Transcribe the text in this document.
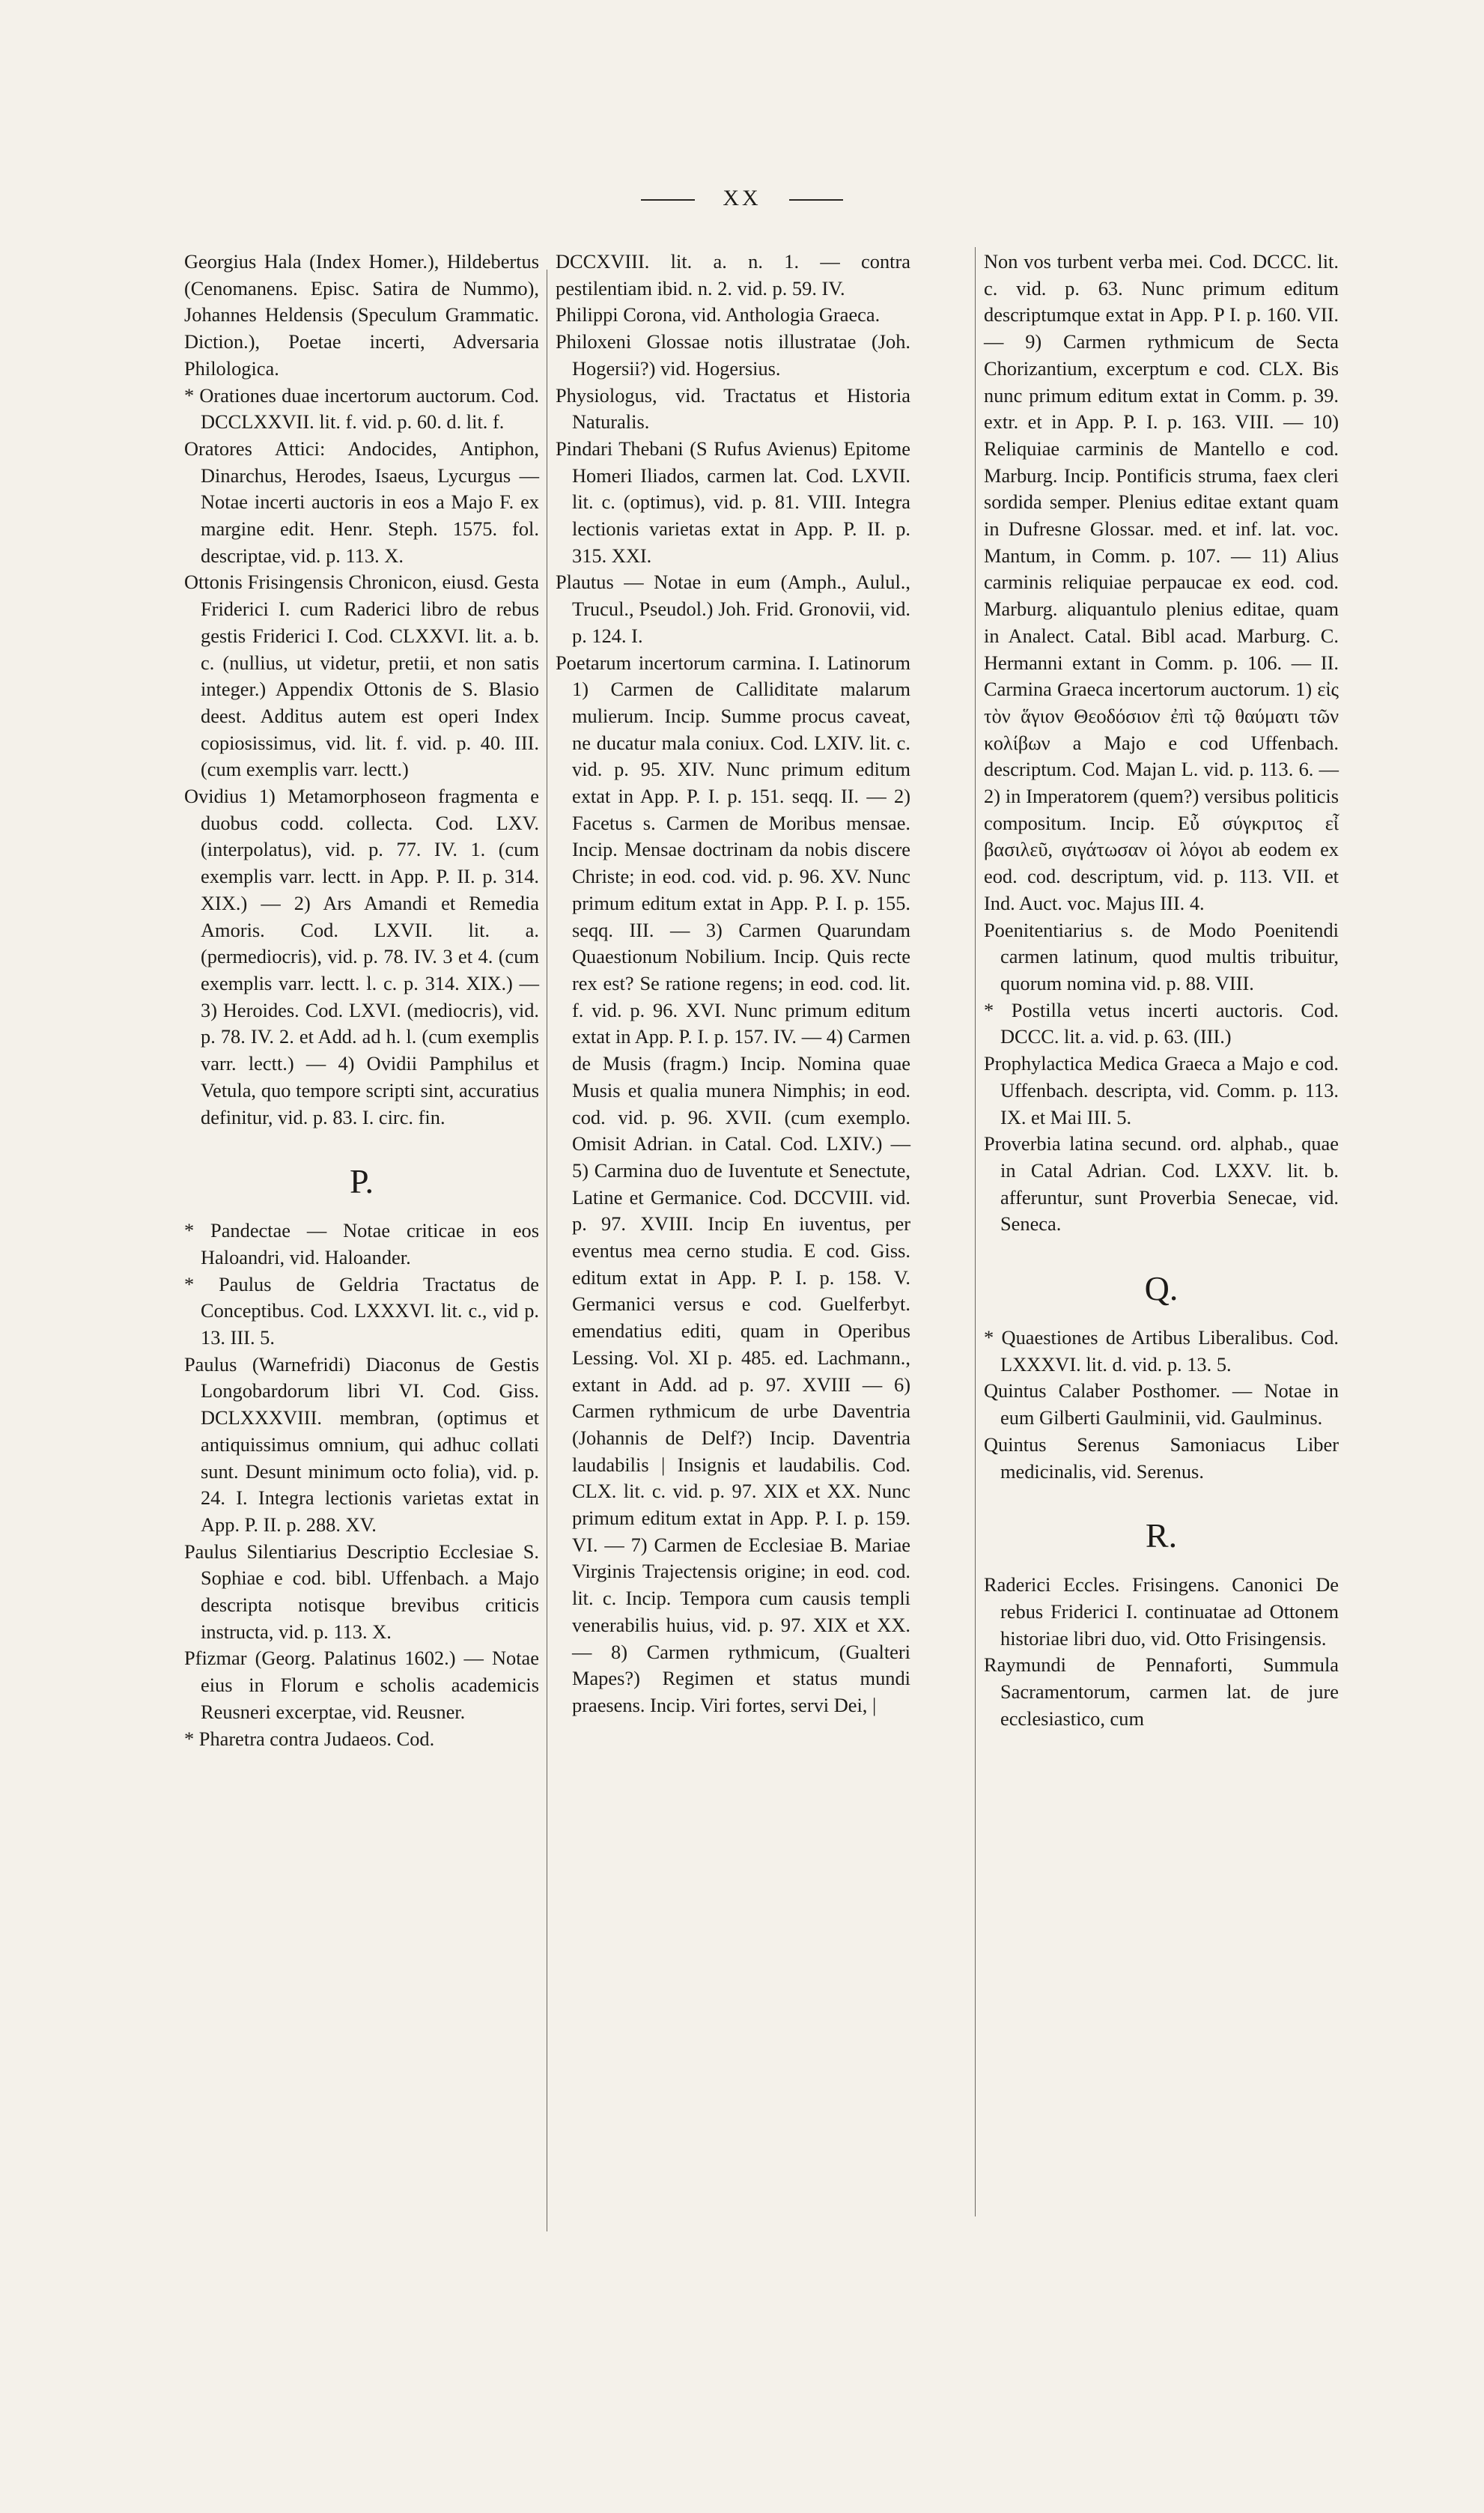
XX

Georgius Hala (Index Homer.), Hildebertus (Cenomanens. Episc. Satira de Nummo), Johannes Heldensis (Speculum Grammatic. Diction.), Poetae incerti, Adversaria Philologica.

* Orationes duae incertorum auctorum. Cod. DCCLXXVII. lit. f. vid. p. 60. d. lit. f.

Oratores Attici: Andocides, Antiphon, Dinarchus, Herodes, Isaeus, Lycurgus — Notae incerti auctoris in eos a Majo F. ex margine edit. Henr. Steph. 1575. fol. descriptae, vid. p. 113. X.

Ottonis Frisingensis Chronicon, eiusd. Gesta Friderici I. cum Raderici libro de rebus gestis Friderici I. Cod. CLXXVI. lit. a. b. c. (nullius, ut videtur, pretii, et non satis integer.) Appendix Ottonis de S. Blasio deest. Additus autem est operi Index copiosissimus, vid. lit. f. vid. p. 40. III. (cum exemplis varr. lectt.)

Ovidius 1) Metamorphoseon fragmenta e duobus codd. collecta. Cod. LXV. (interpolatus), vid. p. 77. IV. 1. (cum exemplis varr. lectt. in App. P. II. p. 314. XIX.) — 2) Ars Amandi et Remedia Amoris. Cod. LXVII. lit. a. (permediocris), vid. p. 78. IV. 3 et 4. (cum exemplis varr. lectt. l. c. p. 314. XIX.) — 3) Heroides. Cod. LXVI. (mediocris), vid. p. 78. IV. 2. et Add. ad h. l. (cum exemplis varr. lectt.) — 4) Ovidii Pamphilus et Vetula, quo tempore scripti sint, accuratius definitur, vid. p. 83. I. circ. fin.

P.

* Pandectae — Notae criticae in eos Haloandri, vid. Haloander.

* Paulus de Geldria Tractatus de Conceptibus. Cod. LXXXVI. lit. c., vid p. 13. III. 5.

Paulus (Warnefridi) Diaconus de Gestis Longobardorum libri VI. Cod. Giss. DCLXXXVIII. membran, (optimus et antiquissimus omnium, qui adhuc collati sunt. Desunt minimum octo folia), vid. p. 24. I. Integra lectionis varietas extat in App. P. II. p. 288. XV.

Paulus Silentiarius Descriptio Ecclesiae S. Sophiae e cod. bibl. Uffenbach. a Majo descripta notisque brevibus criticis instructa, vid. p. 113. X.

Pfizmar (Georg. Palatinus 1602.) — Notae eius in Florum e scholis academicis Reusneri excerptae, vid. Reusner.

* Pharetra contra Judaeos. Cod.

DCCXVIII. lit. a. n. 1. — contra pestilentiam ibid. n. 2. vid. p. 59. IV.

Philippi Corona, vid. Anthologia Graeca.

Philoxeni Glossae notis illustratae (Joh. Hogersii?) vid. Hogersius.

Physiologus, vid. Tractatus et Historia Naturalis.

Pindari Thebani (S Rufus Avienus) Epitome Homeri Iliados, carmen lat. Cod. LXVII. lit. c. (optimus), vid. p. 81. VIII. Integra lectionis varietas extat in App. P. II. p. 315. XXI.

Plautus — Notae in eum (Amph., Aulul., Trucul., Pseudol.) Joh. Frid. Gronovii, vid. p. 124. I.

Poetarum incertorum carmina. I. Latinorum 1) Carmen de Calliditate malarum mulierum. Incip. Summe procus caveat, ne ducatur mala coniux. Cod. LXIV. lit. c. vid. p. 95. XIV. Nunc primum editum extat in App. P. I. p. 151. seqq. II. — 2) Facetus s. Carmen de Moribus mensae. Incip. Mensae doctrinam da nobis discere Christe; in eod. cod. vid. p. 96. XV. Nunc primum editum extat in App. P. I. p. 155. seqq. III. — 3) Carmen Quarundam Quaestionum Nobilium. Incip. Quis recte rex est? Se ratione regens; in eod. cod. lit. f. vid. p. 96. XVI. Nunc primum editum extat in App. P. I. p. 157. IV. — 4) Carmen de Musis (fragm.) Incip. Nomina quae Musis et qualia munera Nimphis; in eod. cod. vid. p. 96. XVII. (cum exemplo. Omisit Adrian. in Catal. Cod. LXIV.) — 5) Carmina duo de Iuventute et Senectute, Latine et Germanice. Cod. DCCVIII. vid. p. 97. XVIII. Incip En iuventus, per eventus mea cerno studia. E cod. Giss. editum extat in App. P. I. p. 158. V. Germanici versus e cod. Guelferbyt. emendatius editi, quam in Operibus Lessing. Vol. XI p. 485. ed. Lachmann., extant in Add. ad p. 97. XVIII — 6) Carmen rythmicum de urbe Daventria (Johannis de Delf?) Incip. Daventria laudabilis | Insignis et laudabilis. Cod. CLX. lit. c. vid. p. 97. XIX et XX. Nunc primum editum extat in App. P. I. p. 159. VI. — 7) Carmen de Ecclesiae B. Mariae Virginis Trajectensis origine; in eod. cod. lit. c. Incip. Tempora cum causis templi venerabilis huius, vid. p. 97. XIX et XX. — 8) Carmen rythmicum, (Gualteri Mapes?) Regimen et status mundi praesens. Incip. Viri fortes, servi Dei, |

Non vos turbent verba mei. Cod. DCCC. lit. c. vid. p. 63. Nunc primum editum descriptumque extat in App. P I. p. 160. VII. — 9) Carmen rythmicum de Secta Chorizantium, excerptum e cod. CLX. Bis nunc primum editum extat in Comm. p. 39. extr. et in App. P. I. p. 163. VIII. — 10) Reliquiae carminis de Mantello e cod. Marburg. Incip. Pontificis struma, faex cleri sordida semper. Plenius editae extant quam in Dufresne Glossar. med. et inf. lat. voc. Mantum, in Comm. p. 107. — 11) Alius carminis reliquiae perpaucae ex eod. cod. Marburg. aliquantulo plenius editae, quam in Analect. Catal. Bibl acad. Marburg. C. Hermanni extant in Comm. p. 106. — II. Carmina Graeca incertorum auctorum. 1) εἰς τὸν ἅγιον Θεοδόσιον ἐπὶ τῷ θαύματι τῶν κολίβων a Majo e cod Uffenbach. descriptum. Cod. Majan L. vid. p. 113. 6. — 2) in Imperatorem (quem?) versibus politicis compositum. Incip. Εὖ σύγκριτος εἶ βασιλεῦ, σιγάτωσαν οἱ λόγοι ab eodem ex eod. cod. descriptum, vid. p. 113. VII. et Ind. Auct. voc. Majus III. 4.

Poenitentiarius s. de Modo Poenitendi carmen latinum, quod multis tribuitur, quorum nomina vid. p. 88. VIII.

* Postilla vetus incerti auctoris. Cod. DCCC. lit. a. vid. p. 63. (III.)

Prophylactica Medica Graeca a Majo e cod. Uffenbach. descripta, vid. Comm. p. 113. IX. et Mai III. 5.

Proverbia latina secund. ord. alphab., quae in Catal Adrian. Cod. LXXV. lit. b. afferuntur, sunt Proverbia Senecae, vid. Seneca.

Q.

* Quaestiones de Artibus Liberalibus. Cod. LXXXVI. lit. d. vid. p. 13. 5.

Quintus Calaber Posthomer. — Notae in eum Gilberti Gaulminii, vid. Gaulminus.

Quintus Serenus Samoniacus Liber medicinalis, vid. Serenus.

R.

Raderici Eccles. Frisingens. Canonici De rebus Friderici I. continuatae ad Ottonem historiae libri duo, vid. Otto Frisingensis.

Raymundi de Pennaforti, Summula Sacramentorum, carmen lat. de jure ecclesiastico, cum
